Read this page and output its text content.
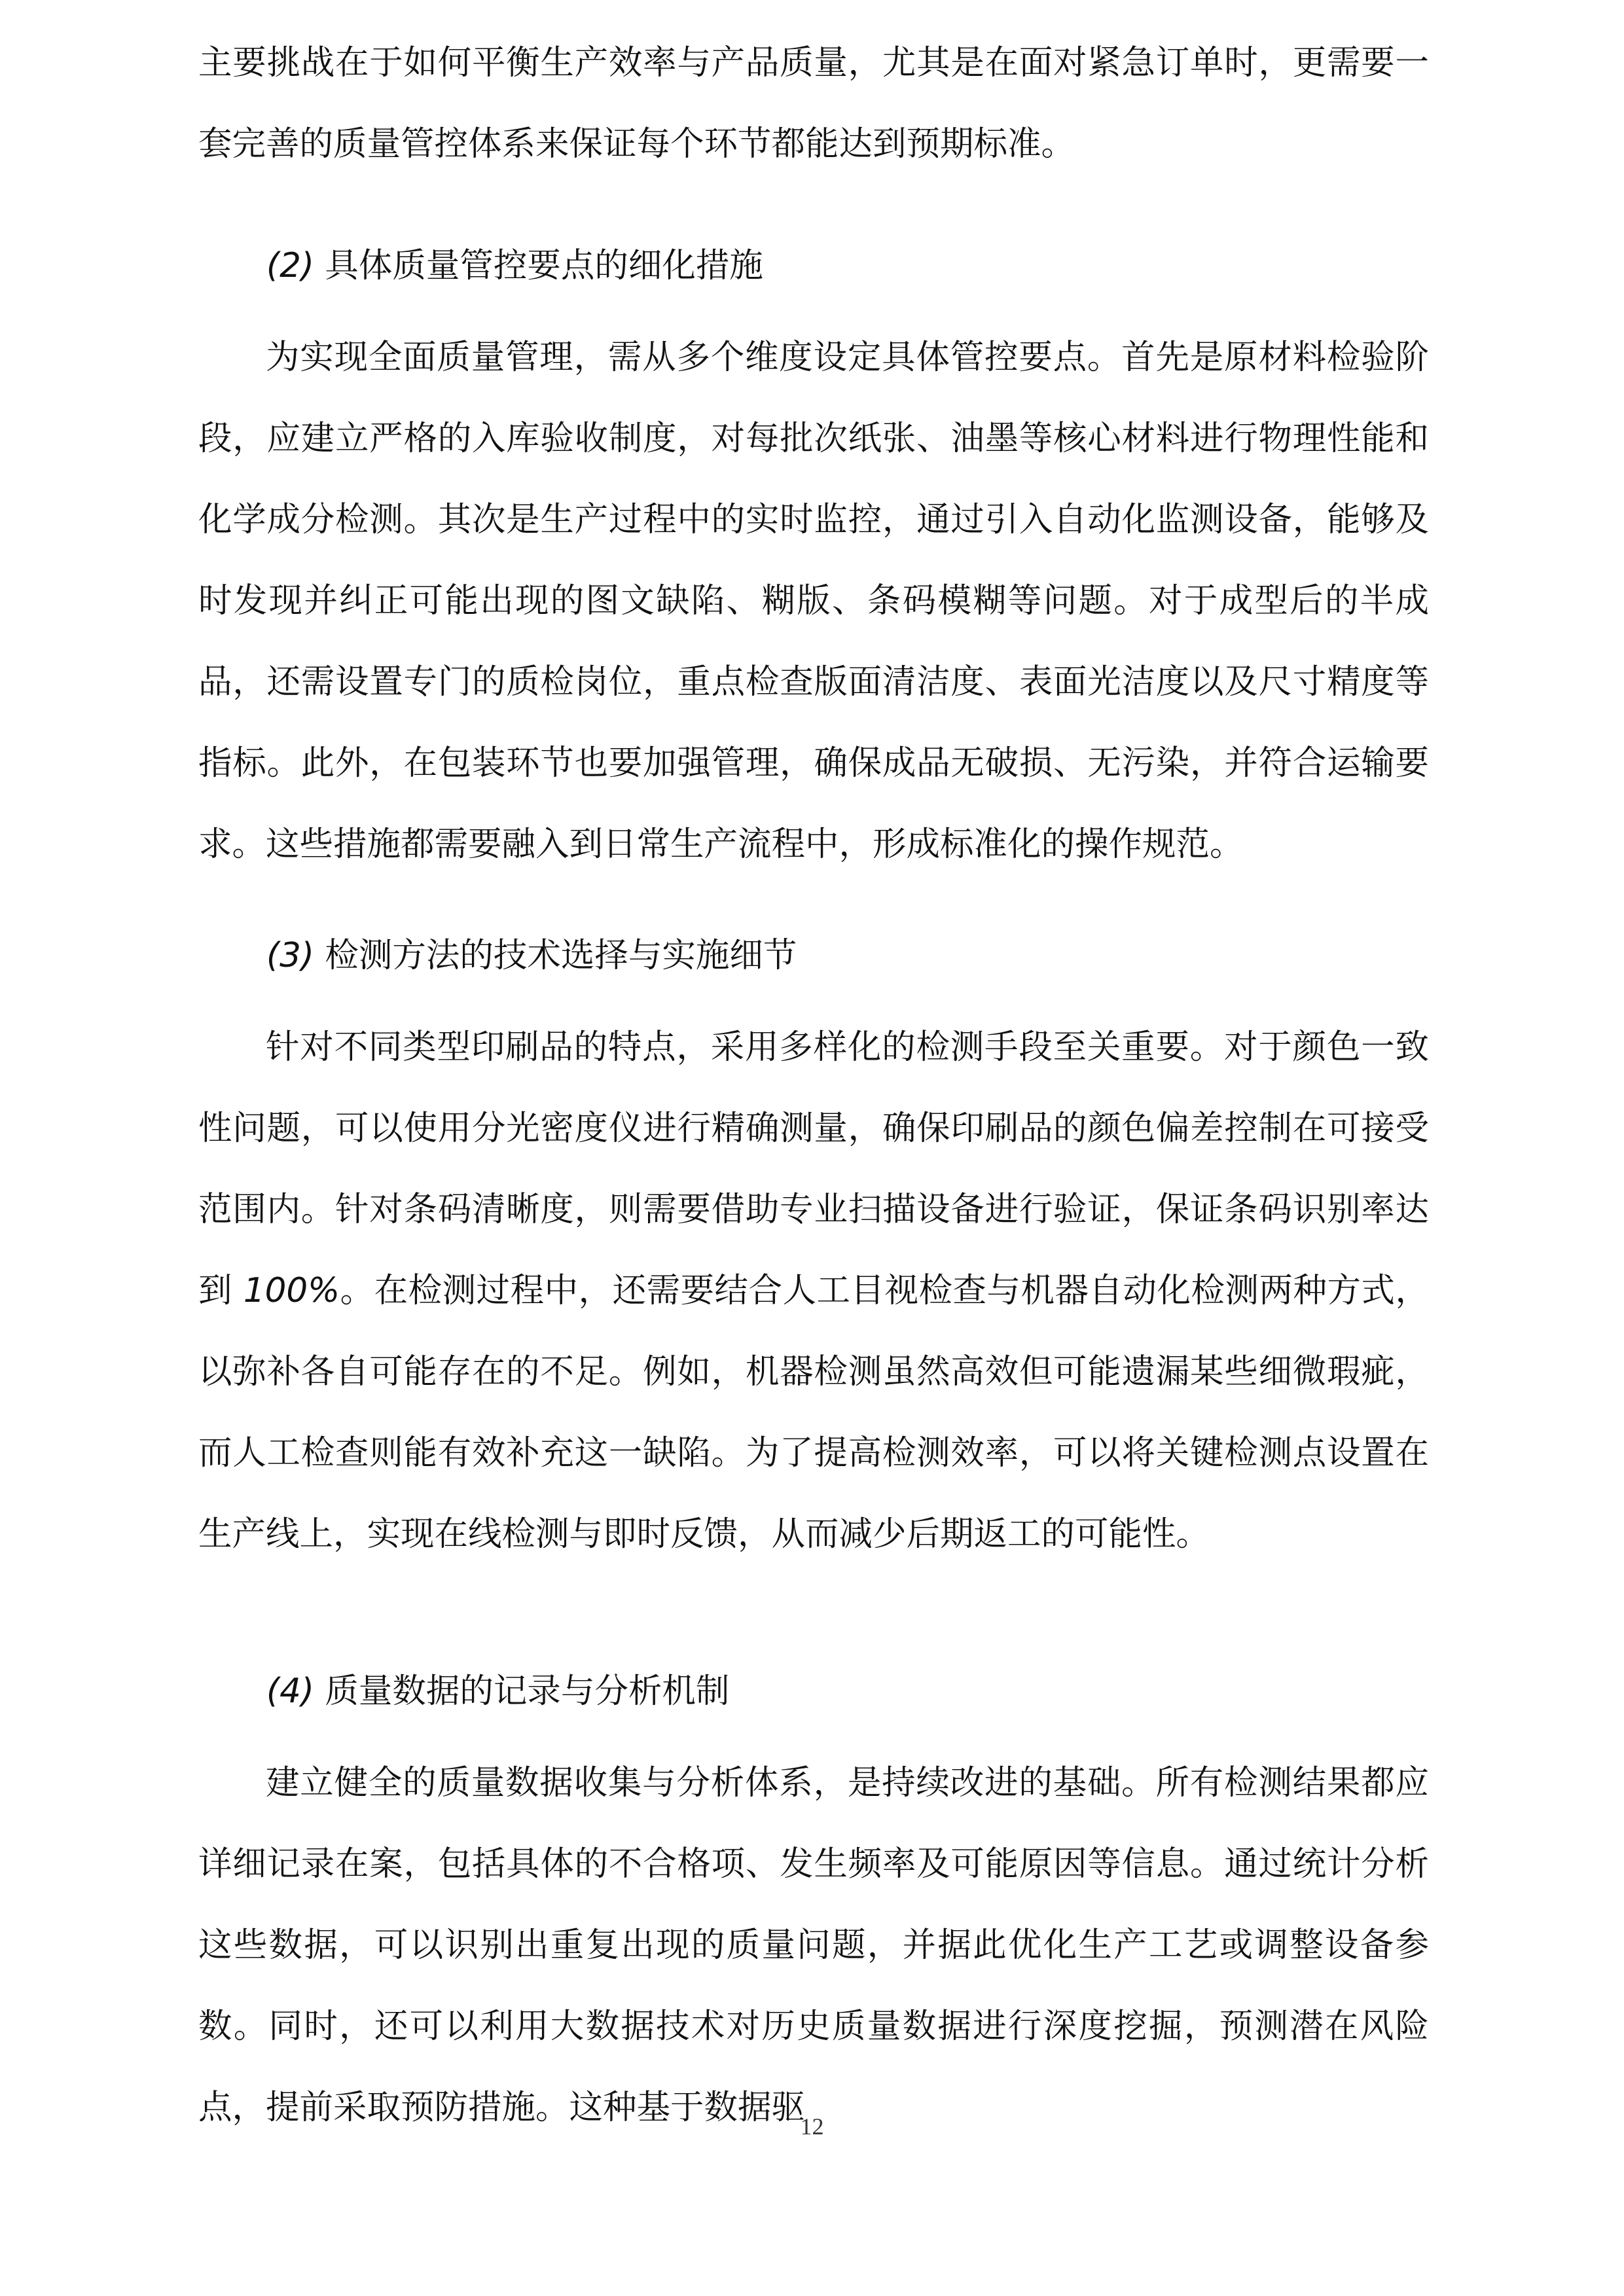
主要挑战在于如何平衡生产效率与产品质量，尤其是在面对紧急订单时，更需要一套完善的质量管控体系来保证每个环节都能达到预期标准。

(2) 具体质量管控要点的细化措施

为实现全面质量管理，需从多个维度设定具体管控要点。首先是原材料检验阶段，应建立严格的入库验收制度，对每批次纸张、油墨等核心材料进行物理性能和化学成分检测。其次是生产过程中的实时监控，通过引入自动化监测设备，能够及时发现并纠正可能出现的图文缺陷、糊版、条码模糊等问题。对于成型后的半成品，还需设置专门的质检岗位，重点检查版面清洁度、表面光洁度以及尺寸精度等指标。此外，在包装环节也要加强管理，确保成品无破损、无污染，并符合运输要求。这些措施都需要融入到日常生产流程中，形成标准化的操作规范。

(3) 检测方法的技术选择与实施细节

针对不同类型印刷品的特点，采用多样化的检测手段至关重要。对于颜色一致性问题，可以使用分光密度仪进行精确测量，确保印刷品的颜色偏差控制在可接受范围内。针对条码清晰度，则需要借助专业扫描设备进行验证，保证条码识别率达到 100%。在检测过程中，还需要结合人工目视检查与机器自动化检测两种方式，以弥补各自可能存在的不足。例如，机器检测虽然高效但可能遗漏某些细微瑕疵，而人工检查则能有效补充这一缺陷。为了提高检测效率，可以将关键检测点设置在生产线上，实现在线检测与即时反馈，从而减少后期返工的可能性。

(4) 质量数据的记录与分析机制

建立健全的质量数据收集与分析体系，是持续改进的基础。所有检测结果都应详细记录在案，包括具体的不合格项、发生频率及可能原因等信息。通过统计分析这些数据，可以识别出重复出现的质量问题，并据此优化生产工艺或调整设备参数。同时，还可以利用大数据技术对历史质量数据进行深度挖掘，预测潜在风险点，提前采取预防措施。这种基于数据驱

12
